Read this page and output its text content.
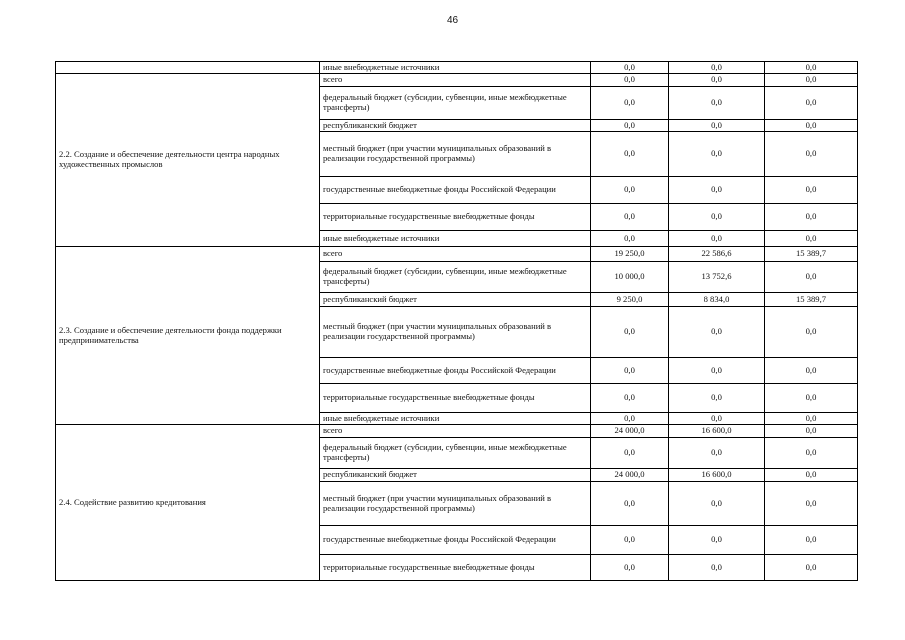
46
	иные внебюджетные источники	0,0	0,0	0,0
2.2. Создание и обеспечение деятельности центра народных художественных промыслов	всего	0,0	0,0	0,0
	федеральный бюджет (субсидии, субвенции, иные межбюджетные трансферты)	0,0	0,0	0,0
	республиканский бюджет	0,0	0,0	0,0
	местный бюджет (при участии муниципальных образований в реализации государственной программы)	0,0	0,0	0,0
	государственные внебюджетные фонды Российской Федерации	0,0	0,0	0,0
	территориальные государственные внебюджетные фонды	0,0	0,0	0,0
	иные внебюджетные источники	0,0	0,0	0,0
2.3. Создание и обеспечение деятельности фонда поддержки предпринимательства	всего	19 250,0	22 586,6	15 389,7
	федеральный бюджет (субсидии, субвенции, иные межбюджетные трансферты)	10 000,0	13 752,6	0,0
	республиканский бюджет	9 250,0	8 834,0	15 389,7
	местный бюджет (при участии муниципальных образований в реализации государственной программы)	0,0	0,0	0,0
	государственные внебюджетные фонды Российской Федерации	0,0	0,0	0,0
	территориальные государственные внебюджетные фонды	0,0	0,0	0,0
	иные внебюджетные источники	0,0	0,0	0,0
2.4. Содействие развитию кредитования	всего	24 000,0	16 600,0	0,0
	федеральный бюджет (субсидии, субвенции, иные межбюджетные трансферты)	0,0	0,0	0,0
	республиканский бюджет	24 000,0	16 600,0	0,0
	местный бюджет (при участии муниципальных образований в реализации государственной программы)	0,0	0,0	0,0
	государственные внебюджетные фонды Российской Федерации	0,0	0,0	0,0
	территориальные государственные внебюджетные фонды	0,0	0,0	0,0
